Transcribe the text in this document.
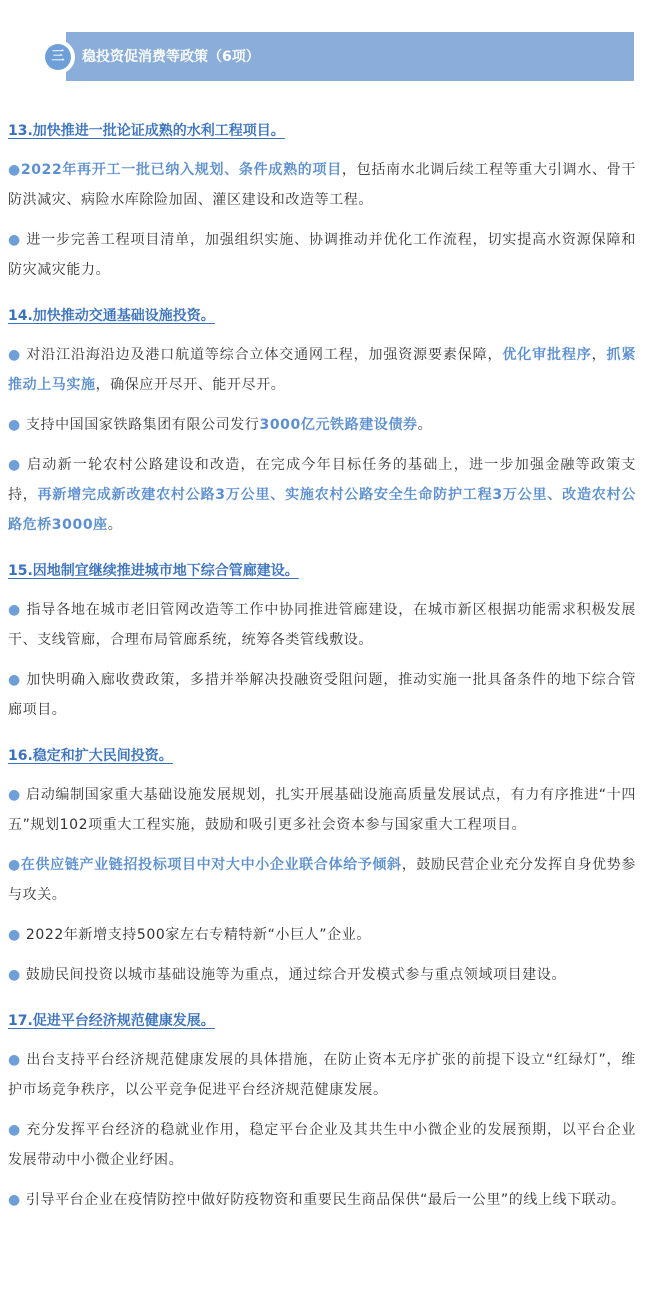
三	稳投资促消费等政策（6项）

13.加快推进一批论证成熟的水利工程项目。

●2022年再开工一批已纳入规划、条件成熟的项目，包括南水北调后续工程等重大引调水、骨干防洪减灾、病险水库除险加固、灌区建设和改造等工程。

● 进一步完善工程项目清单，加强组织实施、协调推动并优化工作流程，切实提高水资源保障和防灾减灾能力。

14.加快推动交通基础设施投资。

● 对沿江沿海沿边及港口航道等综合立体交通网工程，加强资源要素保障，优化审批程序，抓紧推动上马实施，确保应开尽开、能开尽开。

● 支持中国国家铁路集团有限公司发行3000亿元铁路建设债券。

● 启动新一轮农村公路建设和改造，在完成今年目标任务的基础上，进一步加强金融等政策支持，再新增完成新改建农村公路3万公里、实施农村公路安全生命防护工程3万公里、改造农村公路危桥3000座。

15.因地制宜继续推进城市地下综合管廊建设。

● 指导各地在城市老旧管网改造等工作中协同推进管廊建设，在城市新区根据功能需求积极发展干、支线管廊，合理布局管廊系统，统筹各类管线敷设。

● 加快明确入廊收费政策，多措并举解决投融资受阻问题，推动实施一批具备条件的地下综合管廊项目。

16.稳定和扩大民间投资。

● 启动编制国家重大基础设施发展规划，扎实开展基础设施高质量发展试点，有力有序推进“十四五”规划102项重大工程实施，鼓励和吸引更多社会资本参与国家重大工程项目。

●在供应链产业链招投标项目中对大中小企业联合体给予倾斜，鼓励民营企业充分发挥自身优势参与攻关。

● 2022年新增支持500家左右专精特新“小巨人”企业。

● 鼓励民间投资以城市基础设施等为重点，通过综合开发模式参与重点领域项目建设。

17.促进平台经济规范健康发展。

● 出台支持平台经济规范健康发展的具体措施，在防止资本无序扩张的前提下设立“红绿灯”，维护市场竞争秩序，以公平竞争促进平台经济规范健康发展。

● 充分发挥平台经济的稳就业作用，稳定平台企业及其共生中小微企业的发展预期，以平台企业发展带动中小微企业纾困。

● 引导平台企业在疫情防控中做好防疫物资和重要民生商品保供“最后一公里”的线上线下联动。
